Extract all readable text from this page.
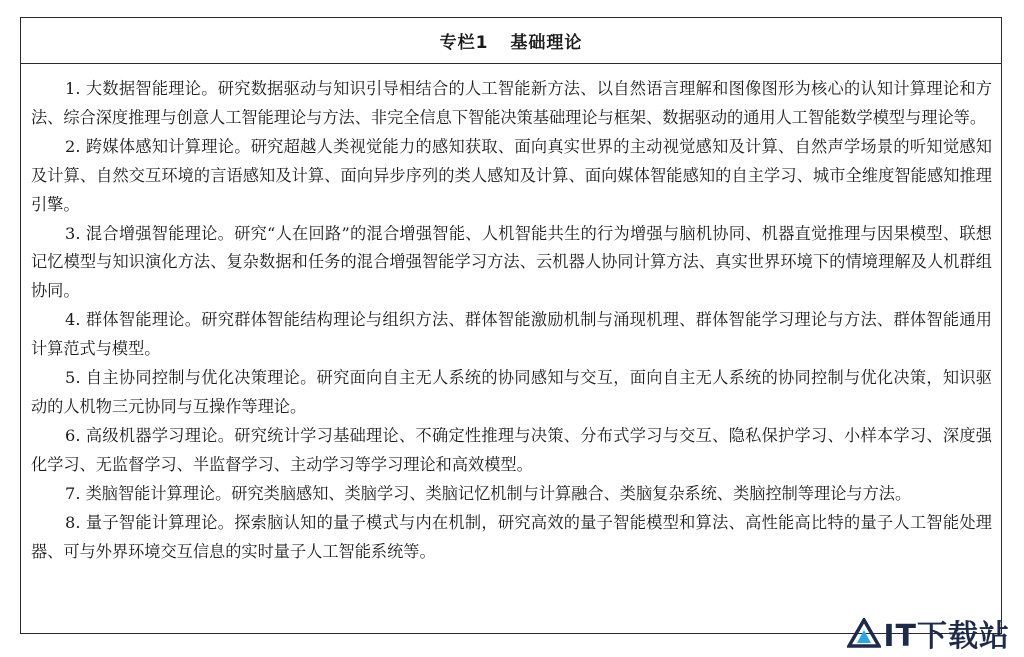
专栏1 基础理论

1. 大数据智能理论。研究数据驱动与知识引导相结合的人工智能新方法、以自然语言理解和图像图形为核心的认知计算理论和方法、综合深度推理与创意人工智能理论与方法、非完全信息下智能决策基础理论与框架、数据驱动的通用人工智能数学模型与理论等。

2. 跨媒体感知计算理论。研究超越人类视觉能力的感知获取、面向真实世界的主动视觉感知及计算、自然声学场景的听知觉感知及计算、自然交互环境的言语感知及计算、面向异步序列的类人感知及计算、面向媒体智能感知的自主学习、城市全维度智能感知推理引擎。

3. 混合增强智能理论。研究“人在回路”的混合增强智能、人机智能共生的行为增强与脑机协同、机器直觉推理与因果模型、联想记忆模型与知识演化方法、复杂数据和任务的混合增强智能学习方法、云机器人协同计算方法、真实世界环境下的情境理解及人机群组协同。

4. 群体智能理论。研究群体智能结构理论与组织方法、群体智能激励机制与涌现机理、群体智能学习理论与方法、群体智能通用计算范式与模型。

5. 自主协同控制与优化决策理论。研究面向自主无人系统的协同感知与交互，面向自主无人系统的协同控制与优化决策，知识驱动的人机物三元协同与互操作等理论。

6. 高级机器学习理论。研究统计学习基础理论、不确定性推理与决策、分布式学习与交互、隐私保护学习、小样本学习、深度强化学习、无监督学习、半监督学习、主动学习等学习理论和高效模型。

7. 类脑智能计算理论。研究类脑感知、类脑学习、类脑记忆机制与计算融合、类脑复杂系统、类脑控制等理论与方法。

8. 量子智能计算理论。探索脑认知的量子模式与内在机制，研究高效的量子智能模型和算法、高性能高比特的量子人工智能处理器、可与外界环境交互信息的实时量子人工智能系统等。

IT下载站
